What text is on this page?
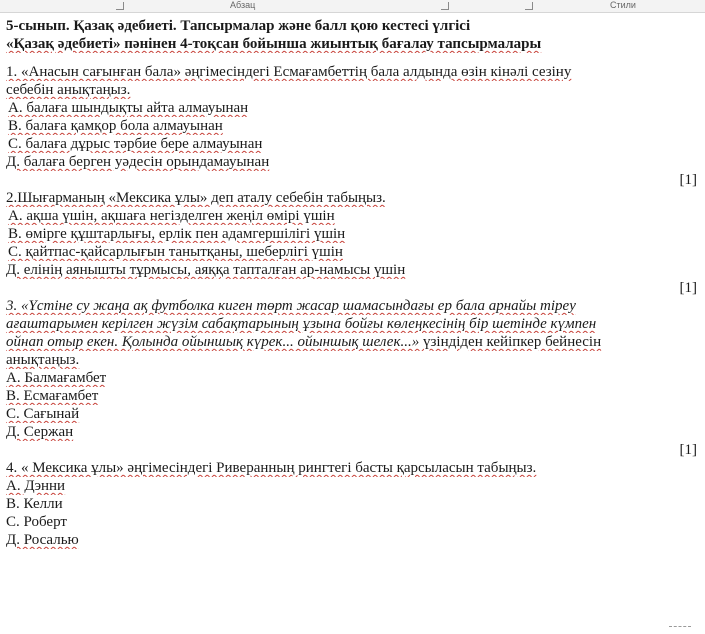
Абзац	Стили
5-сынып. Қазақ әдебиеті. Тапсырмалар және балл қою кестесі үлгісі
«Қазақ әдебиеті» пәнінен 4-тоқсан бойынша жиынтық бағалау тапсырмалары
1. «Анасын сағынған бала» әңгімесіндегі Есмағамбеттің бала алдында өзін кінәлі сезіну
себебін анықтаңыз.
А. балаға шындықты айта алмауынан
В. балаға қамқор бола алмауынан
С. балаға дұрыс тәрбие бере алмауынан
Д. балаға берген уәдесін орындамауынан
[1]
2.Шығарманың «Мексика ұлы» деп аталу себебін табыңыз.
А. ақша үшін, ақшаға негізделген жеңіл өмірі үшін
В. өмірге құштарлығы, ерлік пен адамгершілігі үшін
С. қайтпас-қайсарлығын танытқаны, шеберлігі үшін
Д. елінің аянышты тұрмысы, аяққа тапталған ар-намысы үшін
[1]
3. «Үстіне су жаңа ақ футболка киген төрт жасар шамасындағы ер бала арнайы тіреу
ағаштарымен керілген жүзім сабақтарының ұзына бойғы көлеңкесінің бір шетінде күмпен
ойнап отыр екен. Қолында ойыншық күрек... ойыншық шелек...» үзіндіден кейіпкер бейнесін
анықтаңыз.
А. Балмағамбет
В. Есмағамбет
С. Сағынай
Д. Сержан
[1]
4. « Мексика ұлы» әңгімесіндегі Риверанның рингтегі басты қарсыласын табыңыз.
А. Дэнни
В. Келли
С. Роберт
Д. Росалью
